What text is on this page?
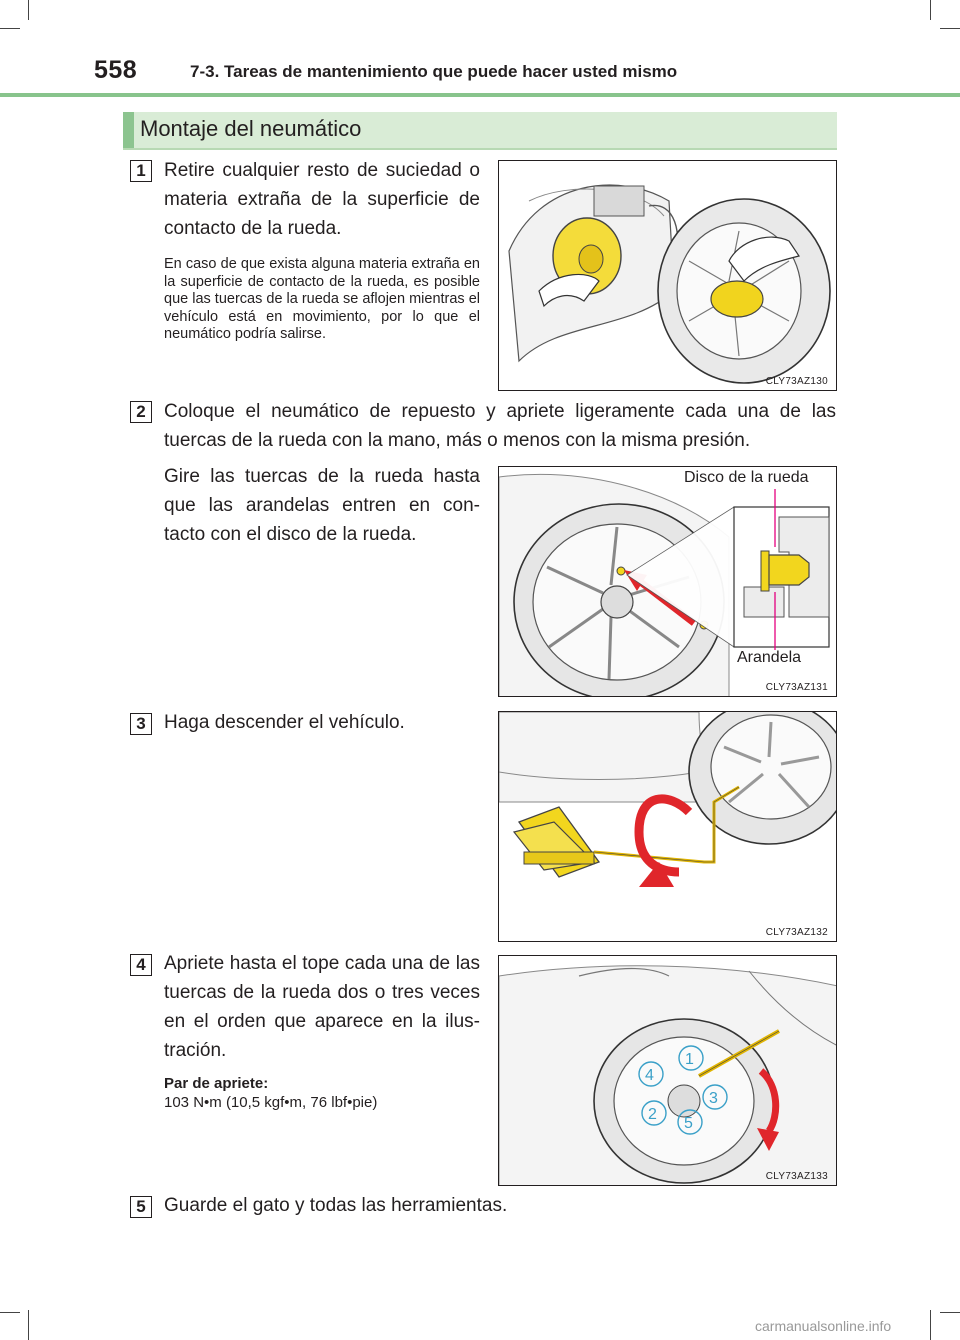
558	7-3. Tareas de mantenimiento que puede hacer usted mismo
Montaje del neumático
1 Retire cualquier resto de suciedad o materia extraña de la superficie de contacto de la rueda.
En caso de que exista alguna materia extraña en la superficie de contacto de la rueda, es posible que las tuercas de la rueda se aflojen mientras el vehículo está en movimiento, por lo que el neumático podría salirse.
CLY73AZ130
2 Coloque el neumático de repuesto y apriete ligeramente cada una de las tuercas de la rueda con la mano, más o menos con la misma presión.
Gire las tuercas de la rueda hasta que las arandelas entren en con-tacto con el disco de la rueda.
Disco de la rueda
Arandela
CLY73AZ131
3 Haga descender el vehículo.
CLY73AZ132
4 Apriete hasta el tope cada una de las tuercas de la rueda dos o tres veces en el orden que aparece en la ilus-tración.
Par de apriete:
103 N•m (10,5 kgf•m, 76 lbf•pie)
1
2
3
4
5
CLY73AZ133
5 Guarde el gato y todas las herramientas.
carmanualsonline.info
